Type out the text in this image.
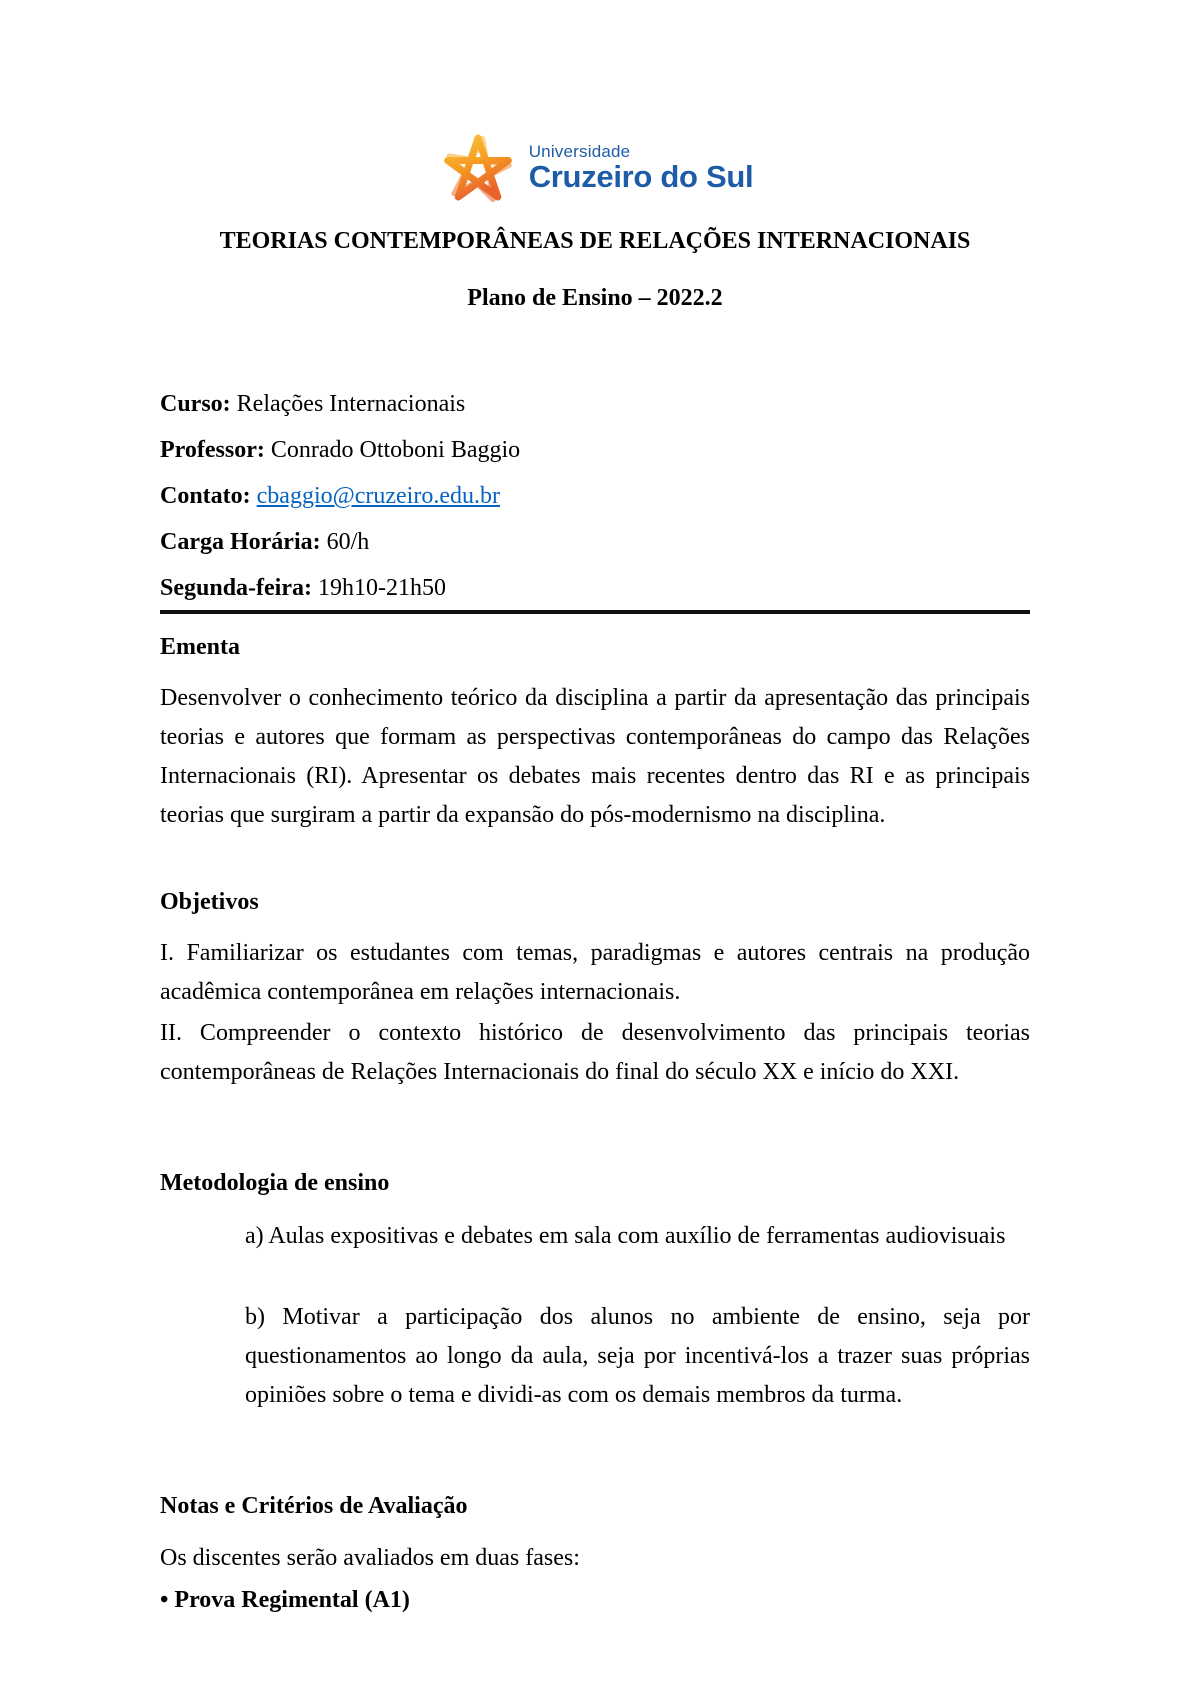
Universidade
Cruzeiro do Sul
TEORIAS CONTEMPORÂNEAS DE RELAÇÕES INTERNACIONAIS
Plano de Ensino – 2022.2

Curso: Relações Internacionais

Professor: Conrado Ottoboni Baggio

Contato: cbaggio@cruzeiro.edu.br

Carga Horária: 60/h

Segunda-feira: 19h10-21h50

Ementa

Desenvolver o conhecimento teórico da disciplina a partir da apresentação das principais teorias e autores que formam as perspectivas contemporâneas do campo das Relações Internacionais (RI). Apresentar os debates mais recentes dentro das RI e as principais teorias que surgiram a partir da expansão do pós-modernismo na disciplina.

Objetivos

I. Familiarizar os estudantes com temas, paradigmas e autores centrais na produção acadêmica contemporânea em relações internacionais.

II. Compreender o contexto histórico de desenvolvimento das principais teorias contemporâneas de Relações Internacionais do final do século XX e início do XXI.

Metodologia de ensino

a) Aulas expositivas e debates em sala com auxílio de ferramentas audiovisuais

b) Motivar a participação dos alunos no ambiente de ensino, seja por questionamentos ao longo da aula, seja por incentivá-los a trazer suas próprias opiniões sobre o tema e dividi-as com os demais membros da turma.

Notas e Critérios de Avaliação

Os discentes serão avaliados em duas fases:

• Prova Regimental (A1)
